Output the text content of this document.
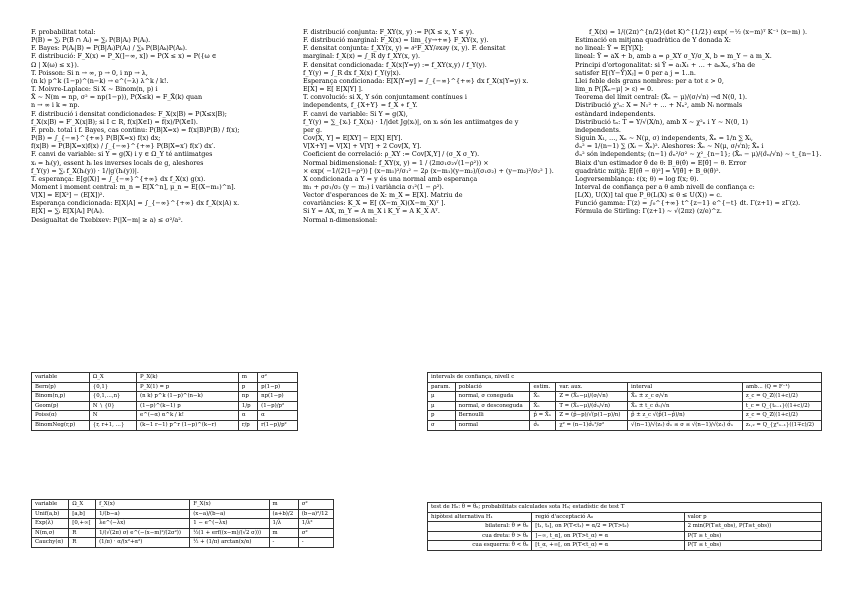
F. probabilitat total:
P(B) = ∑ᵢ P(B ∩ Aᵢ) = ∑ᵢ P(B|Aᵢ) P(Aᵢ).
F. Bayes: P(Aᵢ|B) = P(B|Aᵢ)P(Aᵢ) / ∑ₖ P(B|Aₖ)P(Aₖ).
F. distribució: F_X(x) = P_X(]−∞, x]) = P(X ≤ x) = P({ω ∈
Ω | X(ω) ≤ x}).
T. Poisson: Si n → ∞, p → 0, i np → λ,
(n k) p^k (1−p)^(n−k) → e^(−λ) λ^k / k!.
T. Moivre-Laplace: Si X ∼ Binom(n, p) i
X̃ ∼ N(m = np, σ² = np(1−p)), P(X≤k) ≈ F_X̃(k) quan
n → ∞ i k ≈ np.
F. distribució i densitat condicionades: F_X(x|B) = P(X≤x|B);
f_X(x|B) = F′_X(x|B); si I ⊂ R, f(x|X∈I) = f(x)/P(X∈I).
F. prob. total i f. Bayes, cas continu: P(B|X=x) = f(x|B)P(B) / f(x);
P(B) = ∫_{−∞}^{+∞} P(B|X=x) f(x) dx;
f(x|B) = P(B|X=x)f(x) / ∫_{−∞}^{+∞} P(B|X=x′) f(x′) dx′.
F. canvi de variable: si Y = g(X) i y ∈ Ω_Y té antiimatges
xᵢ = hᵢ(y), essent hᵢ les inverses locals de g, aleshores
f_Y(y) = ∑ᵢ f_X(hᵢ(y)) · 1/|g′(hᵢ(y))|.
T. esperança: E[g(X)] = ∫_{−∞}^{+∞} dx f_X(x) g(x).
Moment i moment central: m_n = E[X^n], μ_n = E[(X−m₁)^n].
V[X] = E[X²] − (E[X])².
Esperança condicionada: E[X|A] = ∫_{−∞}^{+∞} dx f_X(x|A) x.
E[X] = ∑ᵢ E[X|Aᵢ] P(Aᵢ).
Desigualtat de Txebixev: P(|X−m| ≥ a) ≤ σ²/a².
F. distribució conjunta: F_XY(x, y) := P(X ≤ x, Y ≤ y).
F. distribució marginal: F_X(x) = lim_{y→+∞} F_XY(x, y).
F. densitat conjunta: f_XY(x, y) = ∂²F_XY/∂x∂y (x, y). F. densitat
marginal: f_X(x) = ∫_R dy f_XY(x, y).
F. densitat condicionada: f_X(x|Y=y) := f_XY(x,y) / f_Y(y).
f_Y(y) = ∫_R dx f_X(x) f_Y(y|x).
Esperança condicionada: E[X|Y=y] = ∫_{−∞}^{+∞} dx f_X(x|Y=y) x.
E[X] = E[ E[X|Y] ].
T. convolució: si X, Y són conjuntament contínues i
independents, f_{X+Y} = f_X ∗ f_Y.
F. canvi de variable: Si Y = g(X),
f_Y(y) = ∑_{xᵢ} f_X(xᵢ) · 1/|det Jg(xᵢ)|, on xᵢ són les antiimatges de y
per g.
Cov[X, Y] = E[XY] − E[X] E[Y].
V[X+Y] = V[X] + V[Y] + 2 Cov[X, Y].
Coeficient de correlació: ρ_XY := Cov[X,Y] / (σ_X σ_Y).
Normal bidimensional: f_XY(x, y) = 1 / (2πσ₁σ₂√(1−ρ²)) ×
× exp( −1/(2(1−ρ²)) [ (x−m₁)²/σ₁² − 2ρ (x−m₁)(y−m₂)/(σ₁σ₂) + (y−m₂)²/σ₂² ] ).
X condicionada a Y = y és una normal amb esperança
m₁ + ρσ₁/σ₂ (y − m₂) i variància σ₁²(1 − ρ²).
Vector d'esperances de X: m_X = E[X]. Matriu de
covariàncies: K_X = E[ (X−m_X)(X−m_X)ᵀ ].
Si Y = AX, m_Y = A m_X i K_Y = A K_X Aᵀ.
Normal n-dimensional:
f_X(x) = 1/((2π)^{n/2}(det K)^{1/2}) exp( −½ (x−m)ᵀ K⁻¹ (x−m) ).
Estimació en mitjana quadràtica de Y donada X:
no lineal: Ŷ = E[Y|X];
lineal: Ŷ = aX + b, amb a = ρ_XY σ_Y/σ_X, b = m_Y − a m_X.
Principi d'ortogonalitat: si Ŷ = a₁X₁ + … + aₙXₙ, s'ha de
satisfer E[(Y−Ŷ)Xⱼ] = 0 per a j = 1..n.
Llei feble dels grans nombres: per a tot ε > 0,
lim_n P(|X̄ₙ−μ| > ε) = 0.
Teorema del límit central: (X̄ₙ − μ)/(σ/√n) →d N(0, 1).
Distribució χ²ₙ: X = N₁² + … + Nₙ², amb Nᵢ normals
estàndard independents.
Distribució tₙ: T = Y/√(X/n), amb X ∼ χ²ₙ i Y ∼ N(0, 1)
independents.
Siguin X₁, …, Xₙ ∼ N(μ, σ) independents, X̄ₙ = 1/n ∑ Xᵢ,
σ̂ₙ² = 1/(n−1) ∑ (Xᵢ − X̄ₙ)². Aleshores: X̄ₙ ∼ N(μ, σ/√n); X̄ₙ i
σ̂ₙ² són independents; (n−1) σ̂ₙ²/σ² ∼ χ²_{n−1}; (X̄ₙ − μ)/(σ̂ₙ/√n) ∼ t_{n−1}.
Biaix d'un estimador θ̂ de θ: B_θ(θ̂) = E[θ̂] − θ. Error
quadràtic mitjà: E[(θ̂ − θ)²] = V[θ̂] + B_θ(θ̂)².
Logversemblança: ℓ(x; θ) = log f(x; θ).
Interval de confiança per a θ amb nivell de confiança c:
[L(X), U(X)] tal que P_θ(L(X) ≤ θ ≤ U(X)) = c.
Funció gamma: Γ(z) = ∫₀^{+∞} t^{z−1} e^{−t} dt. Γ(z+1) = zΓ(z).
Fórmula de Stirling: Γ(z+1) ∼ √(2πz) (z/e)^z.
variable	Ω_X	P_X(k)	m	σ²
Bern(p)	{0,1}	P_X(1) = p	p	p(1−p)
Binom(n,p)	{0,1,…,n}	(n k) p^k (1−p)^(n−k)	np	np(1−p)
Geom(p)	N ∖ {0}	(1−p)^(k−1) p	1/p	(1−p)/p²
Poiss(α)	N	e^(−α) α^k / k!	α	α
BinomNeg(r,p)	{r, r+1, …}	(k−1 r−1) p^r (1−p)^(k−r)	r/p	r(1−p)/p²
variable	Ω_X	f_X(x)	F_X(x)	m	σ²
Unif(a,b)	[a,b]	1/(b−a)	(x−a)/(b−a)	(a+b)/2	(b−a)²/12
Exp(λ)	[0,+∞[	λe^(−λx)	1 − e^(−λx)	1/λ	1/λ²
N(m,σ)	R	1/(√(2π) σ) e^(−(x−m)²/(2σ²))	½(1 + erf((x−m)/(√2 σ)))	m	σ²
Cauchy(α)	R	(1/π) · α/(x²+α²)	½ + (1/π) arctan(x/α)	-	-
intervals de confiança, nivell c					
param.	població	estim.	var. aux.	interval	amb... (Q = F⁻¹)
μ	normal, σ coneguda	X̄ₙ	Z = (X̄ₙ−μ)/(σ/√n)	X̄ₙ ± z_c σ/√n	z_c = Q_Z((1+c)/2)
μ	normal, σ desconeguda	X̄ₙ	T = (X̄ₙ−μ)/(σ̂ₙ/√n)	X̄ₙ ± t_c σ̂ₙ/√n	t_c = Q_{tₙ₋₁}((1+c)/2)
p	Bernoulli	p̂ = X̄ₙ	Z = (p̂−p)/√(p(1−p)/n)	p̂ ± z_c √(p̂(1−p̂)/n)	z_c = Q_Z((1+c)/2)
σ	normal	σ̂ₙ	χ² = (n−1)σ̂ₙ²/σ²	√(n−1)/√(z₂) σ̂ₙ ≤ σ ≤ √(n−1)/√(z₁) σ̂ₙ	z₁,₂ = Q_{χ²ₙ₋₁}((1∓c)/2)
test de H₀: θ = θ₀; probabilitats calculades sota H₀; estadístic de test T		
hipòtesi alternativa H₁	regió d'acceptació A₀	valor p
bilateral: θ ≠ θ₀	[t₁, t₂], on P(T<t₁) = α/2 = P(T>t₂)	2 min(P(T≤t_obs), P(T≥t_obs))
cua dreta: θ > θ₀	]−∞, t_α], on P(T>t_α) = α	P(T ≥ t_obs)
cua esquerra: θ < θ₀	[t_α, +∞[, on P(T<t_α) = α	P(T ≤ t_obs)
